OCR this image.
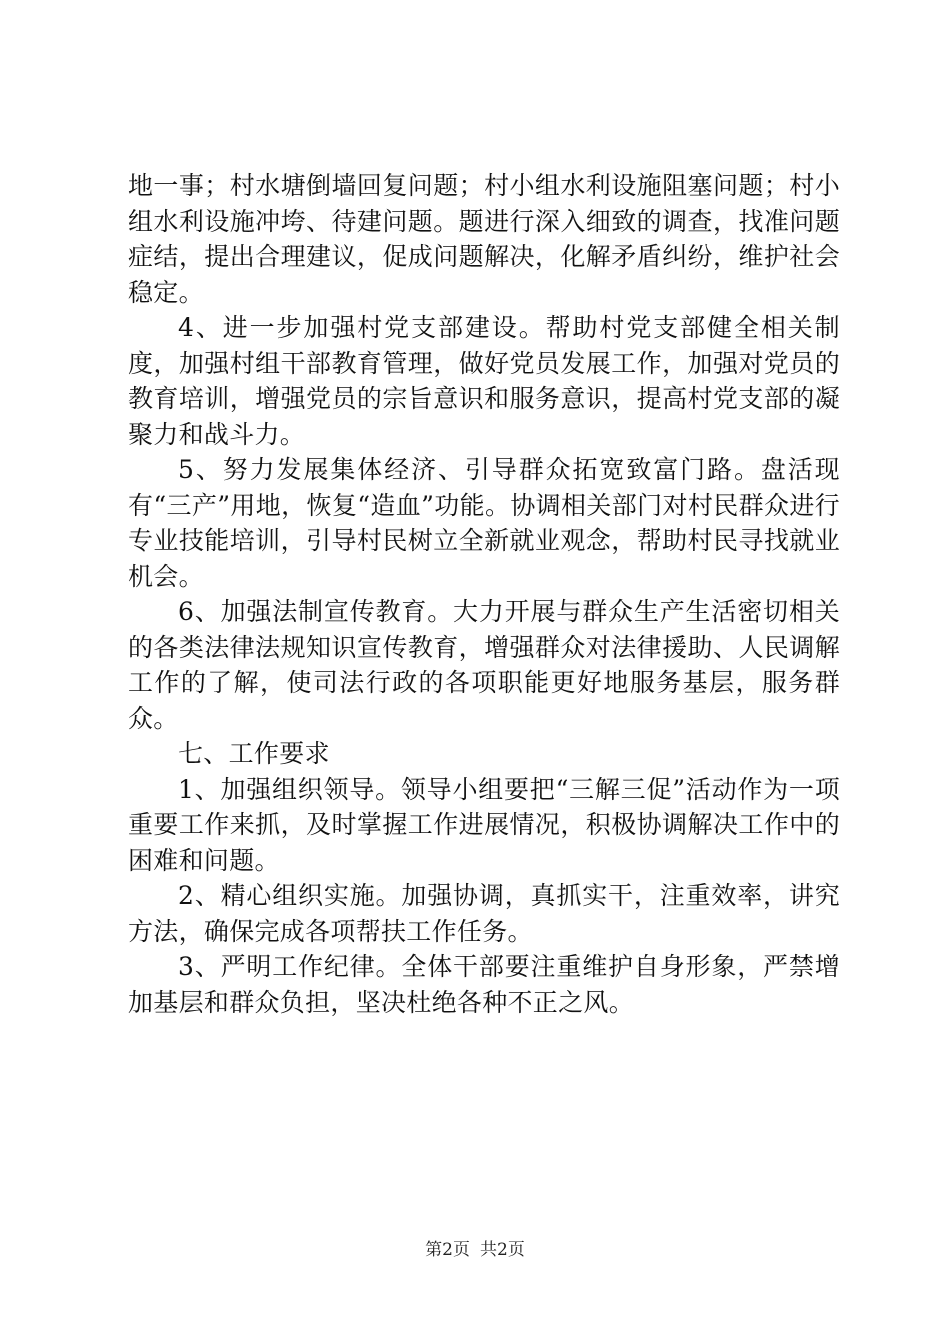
地一事；村水塘倒墙回复问题；村小组水利设施阻塞问题；村小组水利设施冲垮、待建问题。题进行深入细致的调查，找准问题症结，提出合理建议，促成问题解决，化解矛盾纠纷，维护社会稳定。

4、进一步加强村党支部建设。帮助村党支部健全相关制度，加强村组干部教育管理，做好党员发展工作，加强对党员的教育培训，增强党员的宗旨意识和服务意识，提高村党支部的凝聚力和战斗力。

5、努力发展集体经济、引导群众拓宽致富门路。盘活现有“三产”用地，恢复“造血”功能。协调相关部门对村民群众进行专业技能培训，引导村民树立全新就业观念，帮助村民寻找就业机会。

6、加强法制宣传教育。大力开展与群众生产生活密切相关的各类法律法规知识宣传教育，增强群众对法律援助、人民调解工作的了解，使司法行政的各项职能更好地服务基层，服务群众。

七、工作要求

1、加强组织领导。领导小组要把“三解三促”活动作为一项重要工作来抓，及时掌握工作进展情况，积极协调解决工作中的困难和问题。

2、精心组织实施。加强协调，真抓实干，注重效率，讲究方法，确保完成各项帮扶工作任务。

3、严明工作纪律。全体干部要注重维护自身形象，严禁增加基层和群众负担，坚决杜绝各种不正之风。

第2页 共2页
